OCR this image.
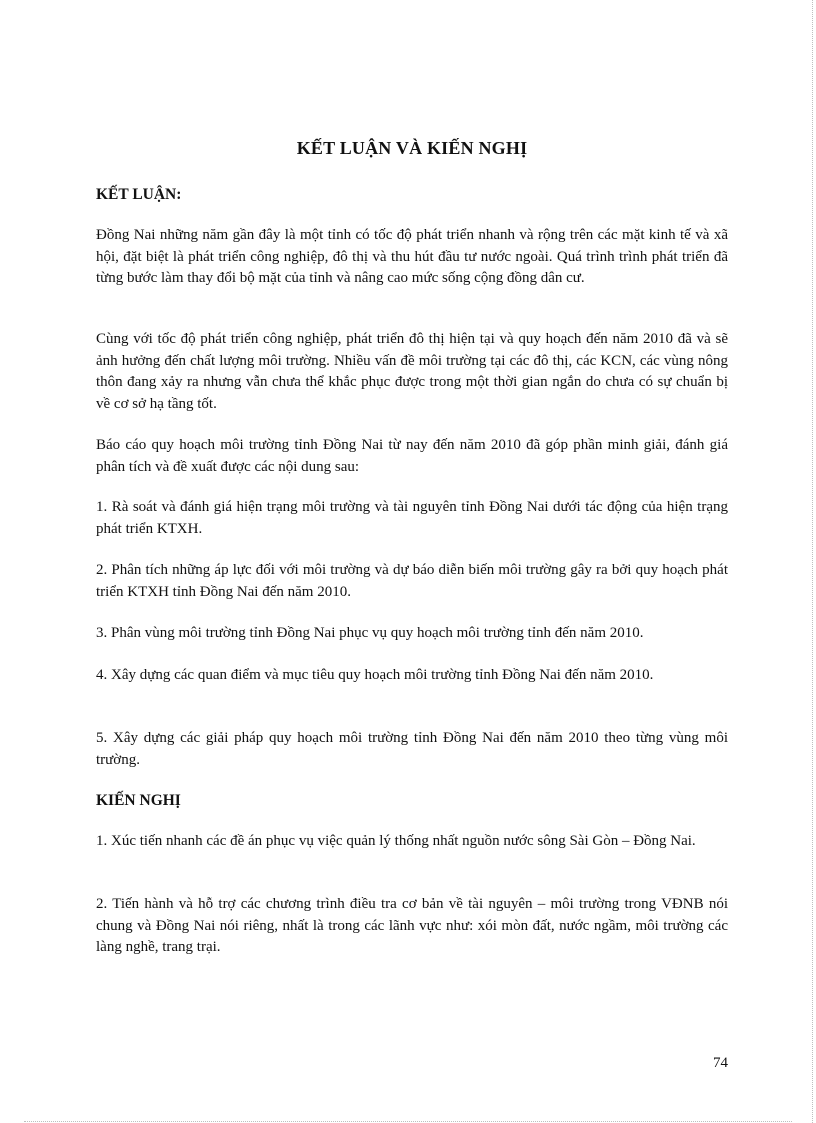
KẾT LUẬN VÀ KIẾN NGHỊ
KẾT LUẬN:

Đồng Nai những năm gần đây là một tỉnh có tốc độ phát triển nhanh và rộng trên các mặt kinh tế và xã hội, đặt biệt là phát triển công nghiệp, đô thị và thu hút đầu tư nước ngoài. Quá trình trình phát triển đã từng bước làm thay đổi bộ mặt của tỉnh và nâng cao mức sống cộng đồng dân cư.

Cùng với tốc độ phát triển công nghiệp, phát triển đô thị hiện tại và quy hoạch đến năm 2010 đã và sẽ ảnh hưởng đến chất lượng môi trường. Nhiều vấn đề môi trường tại các đô thị, các KCN, các vùng nông thôn đang xảy ra nhưng vẫn chưa thể khắc phục được trong một thời gian ngắn do chưa có sự chuẩn bị về cơ sở hạ tầng tốt.

Báo cáo quy hoạch môi trường tỉnh Đồng Nai từ nay đến năm 2010 đã góp phần minh giải, đánh giá phân tích và đề xuất được các nội dung sau:

1. Rà soát và đánh giá hiện trạng môi trường và tài nguyên tỉnh Đồng Nai dưới tác động của hiện trạng phát triển KTXH.

2. Phân tích những áp lực đối với môi trường và dự báo diễn biến môi trường gây ra bởi quy hoạch phát triển KTXH tỉnh Đồng Nai đến năm 2010.

3. Phân vùng môi trường tỉnh Đồng Nai phục vụ quy hoạch môi trường tỉnh đến năm 2010.

4. Xây dựng các quan điểm và mục tiêu quy hoạch môi trường tỉnh Đồng Nai đến năm 2010.

5. Xây dựng các giải pháp quy hoạch môi trường tỉnh Đồng Nai đến năm 2010 theo từng vùng môi trường.

KIẾN NGHỊ

1. Xúc tiến nhanh các đề án phục vụ việc quản lý thống nhất nguồn nước sông Sài Gòn – Đồng Nai.

2. Tiến hành và hỗ trợ các chương trình điều tra cơ bản về tài nguyên – môi trường trong VĐNB nói chung và Đồng Nai nói riêng, nhất là trong các lãnh vực như: xói mòn đất, nước ngầm, môi trường các làng nghề, trang trại.

74
